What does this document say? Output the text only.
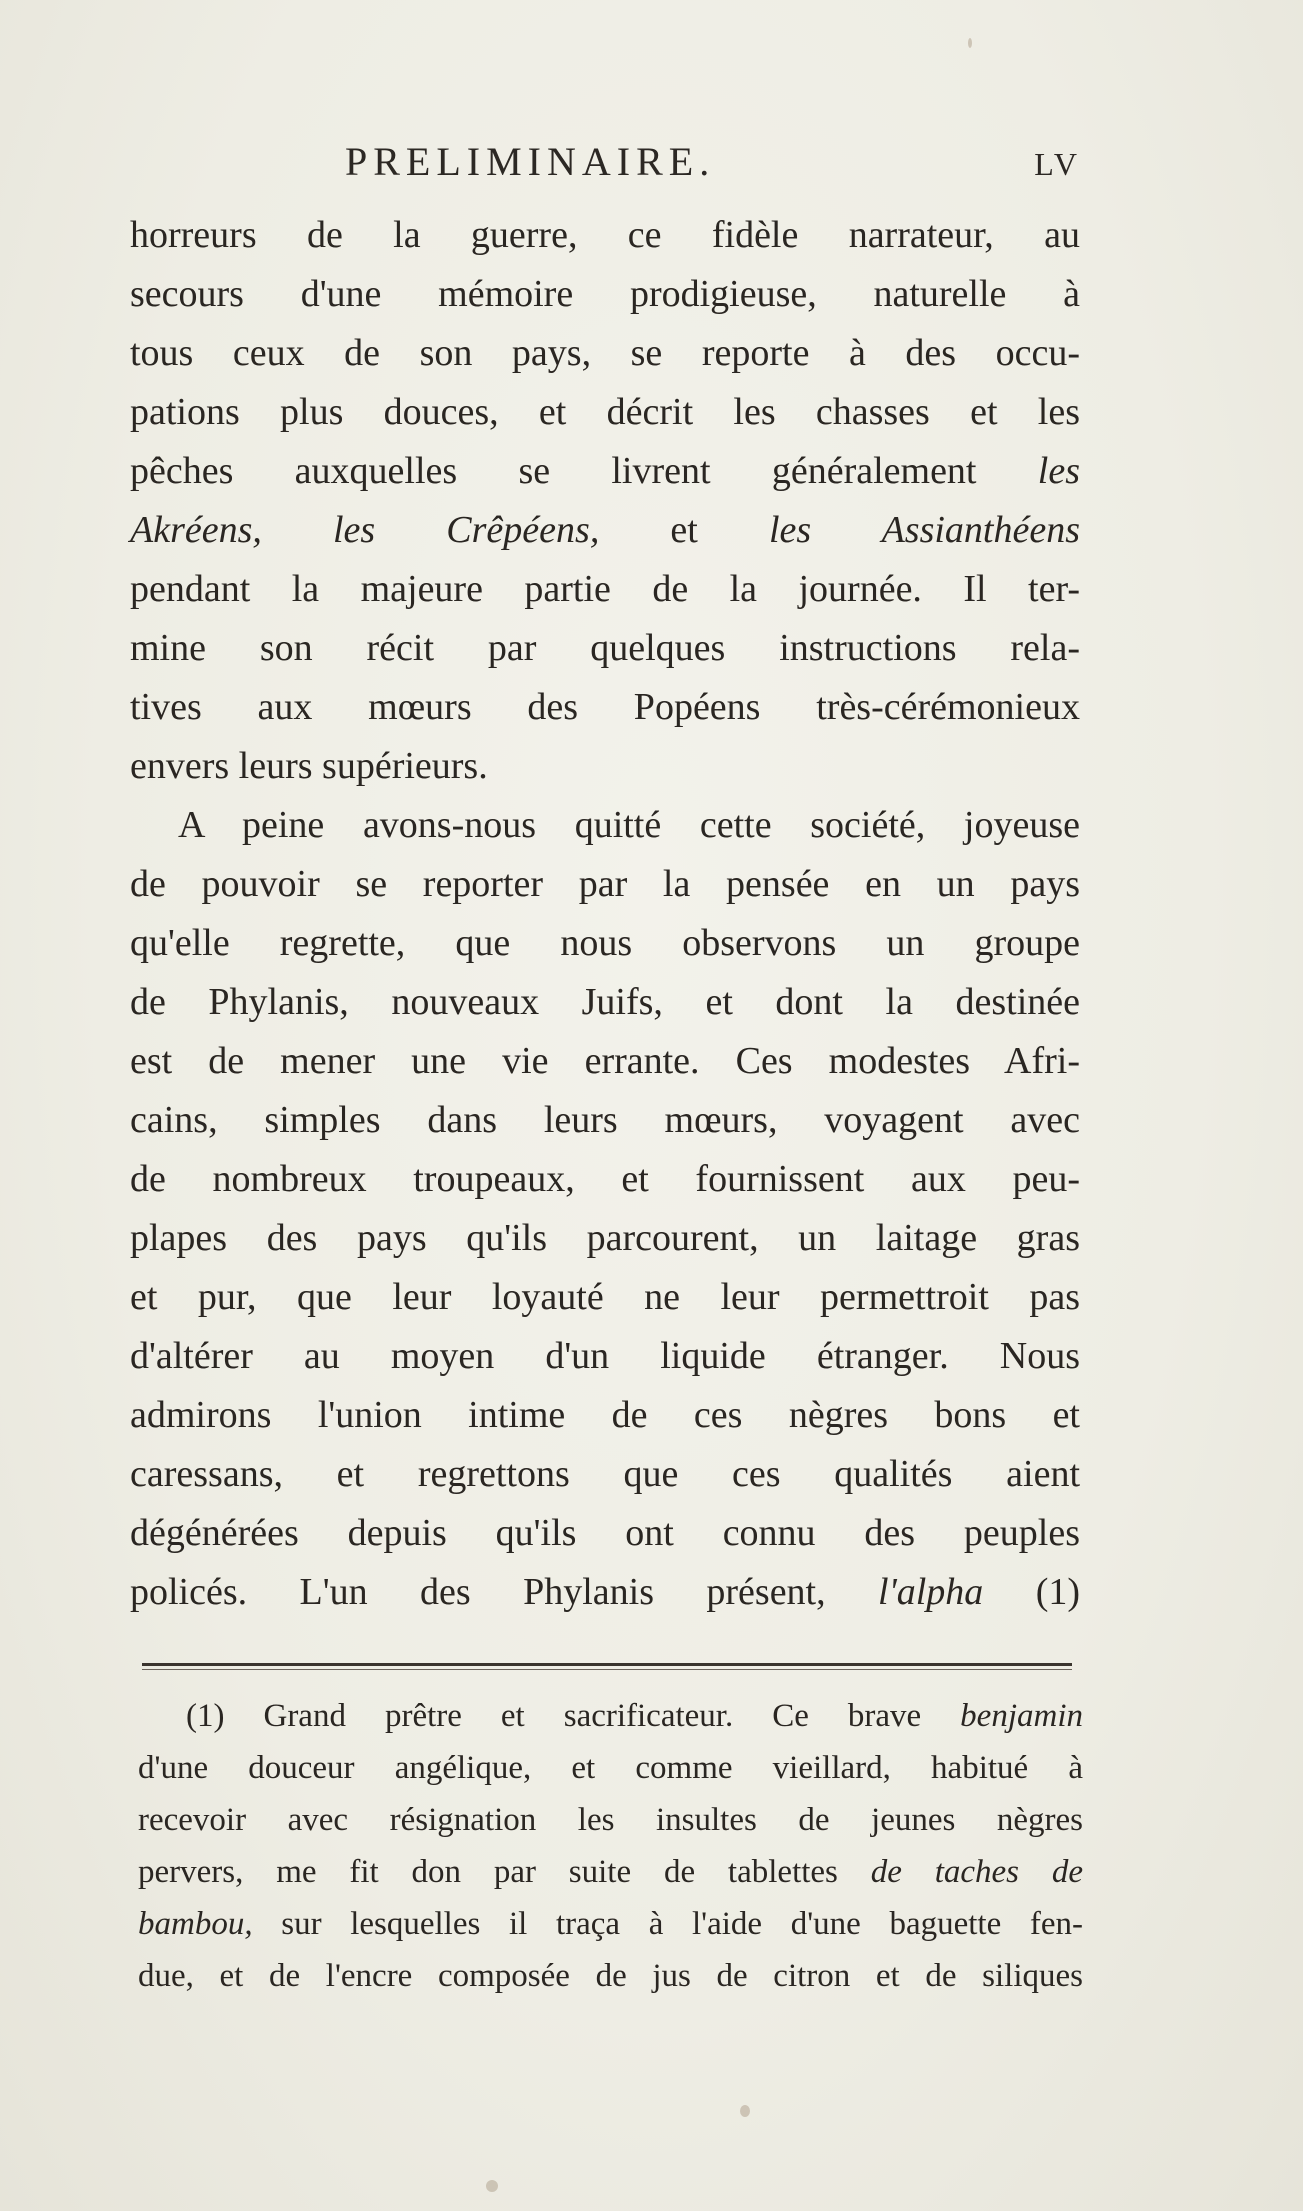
PRELIMINAIRE.	LV
horreurs de la guerre, ce fidèle narrateur, au
secours d'une mémoire prodigieuse, naturelle à
tous ceux de son pays, se reporte à des occu-
pations plus douces, et décrit les chasses et les
pêches auxquelles se livrent généralement les
Akréens, les Crêpéens, et les Assianthéens
pendant la majeure partie de la journée. Il ter-
mine son récit par quelques instructions rela-
tives aux mœurs des Popéens très-cérémonieux
envers leurs supérieurs.
A peine avons-nous quitté cette société, joyeuse
de pouvoir se reporter par la pensée en un pays
qu'elle regrette, que nous observons un groupe
de Phylanis, nouveaux Juifs, et dont la destinée
est de mener une vie errante. Ces modestes Afri-
cains, simples dans leurs mœurs, voyagent avec
de nombreux troupeaux, et fournissent aux peu-
plapes des pays qu'ils parcourent, un laitage gras
et pur, que leur loyauté ne leur permettroit pas
d'altérer au moyen d'un liquide étranger. Nous
admirons l'union intime de ces nègres bons et
caressans, et regrettons que ces qualités aient
dégénérées depuis qu'ils ont connu des peuples
policés. L'un des Phylanis présent, l'alpha (1)
(1) Grand prêtre et sacrificateur. Ce brave benjamin
d'une douceur angélique, et comme vieillard, habitué à
recevoir avec résignation les insultes de jeunes nègres
pervers, me fit don par suite de tablettes de taches de
bambou, sur lesquelles il traça à l'aide d'une baguette fen-
due, et de l'encre composée de jus de citron et de siliques
